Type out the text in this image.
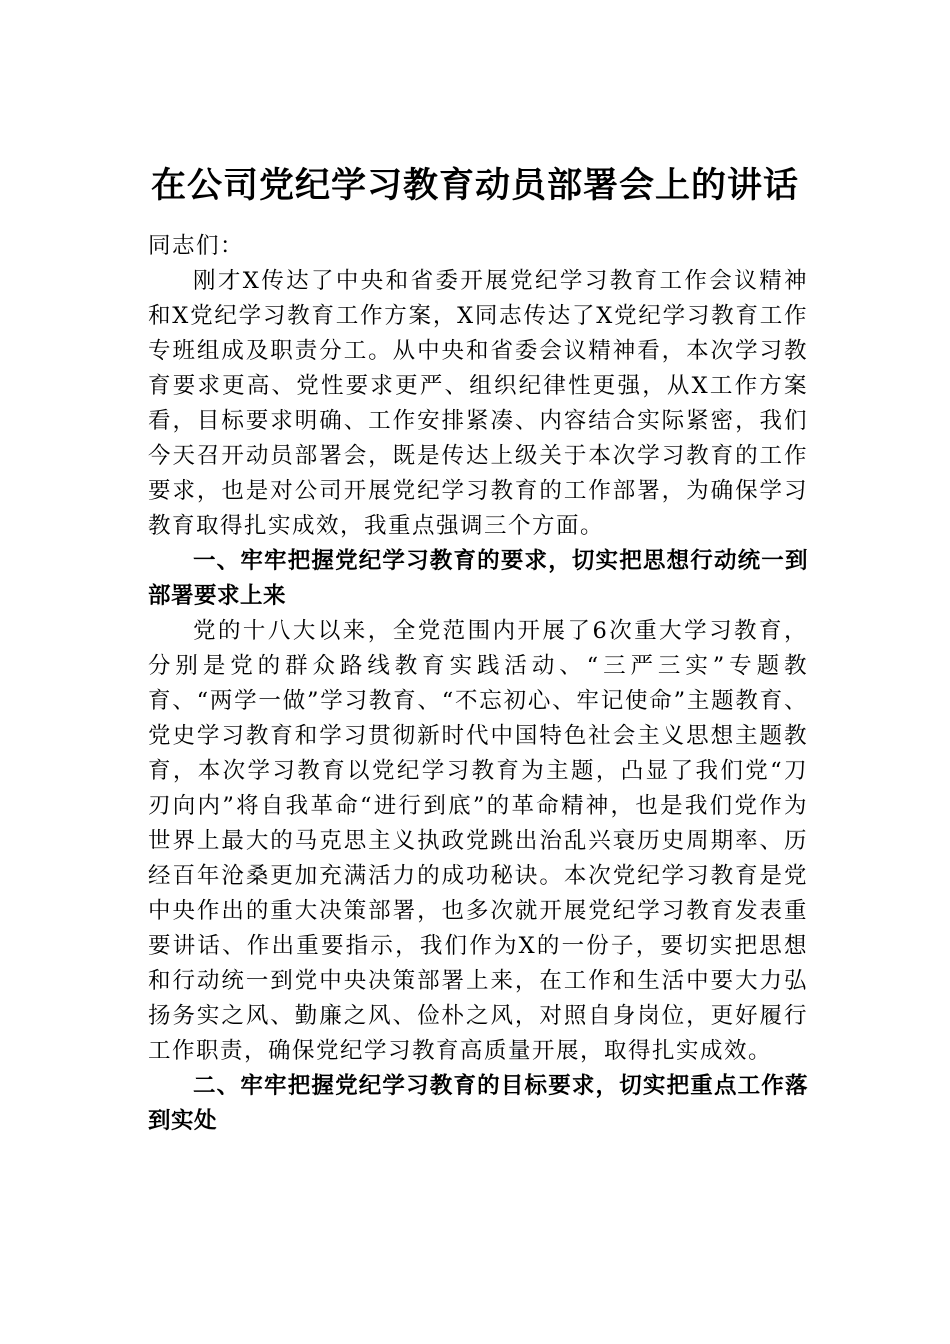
在公司党纪学习教育动员部署会上的讲话

同志们：

刚才X传达了中央和省委开展党纪学习教育工作会议精神和X党纪学习教育工作方案，X同志传达了X党纪学习教育工作专班组成及职责分工。从中央和省委会议精神看，本次学习教育要求更高、党性要求更严、组织纪律性更强，从X工作方案看，目标要求明确、工作安排紧凑、内容结合实际紧密，我们今天召开动员部署会，既是传达上级关于本次学习教育的工作要求，也是对公司开展党纪学习教育的工作部署，为确保学习教育取得扎实成效，我重点强调三个方面。

一、牢牢把握党纪学习教育的要求，切实把思想行动统一到部署要求上来

党的十八大以来，全党范围内开展了6次重大学习教育，分别是党的群众路线教育实践活动、“三严三实”专题教育、“两学一做”学习教育、“不忘初心、牢记使命”主题教育、党史学习教育和学习贯彻新时代中国特色社会主义思想主题教育，本次学习教育以党纪学习教育为主题，凸显了我们党“刀刃向内”将自我革命“进行到底”的革命精神，也是我们党作为世界上最大的马克思主义执政党跳出治乱兴衰历史周期率、历经百年沧桑更加充满活力的成功秘诀。本次党纪学习教育是党中央作出的重大决策部署，也多次就开展党纪学习教育发表重要讲话、作出重要指示，我们作为X的一份子，要切实把思想和行动统一到党中央决策部署上来，在工作和生活中要大力弘扬务实之风、勤廉之风、俭朴之风，对照自身岗位，更好履行工作职责，确保党纪学习教育高质量开展，取得扎实成效。

二、牢牢把握党纪学习教育的目标要求，切实把重点工作落到实处
